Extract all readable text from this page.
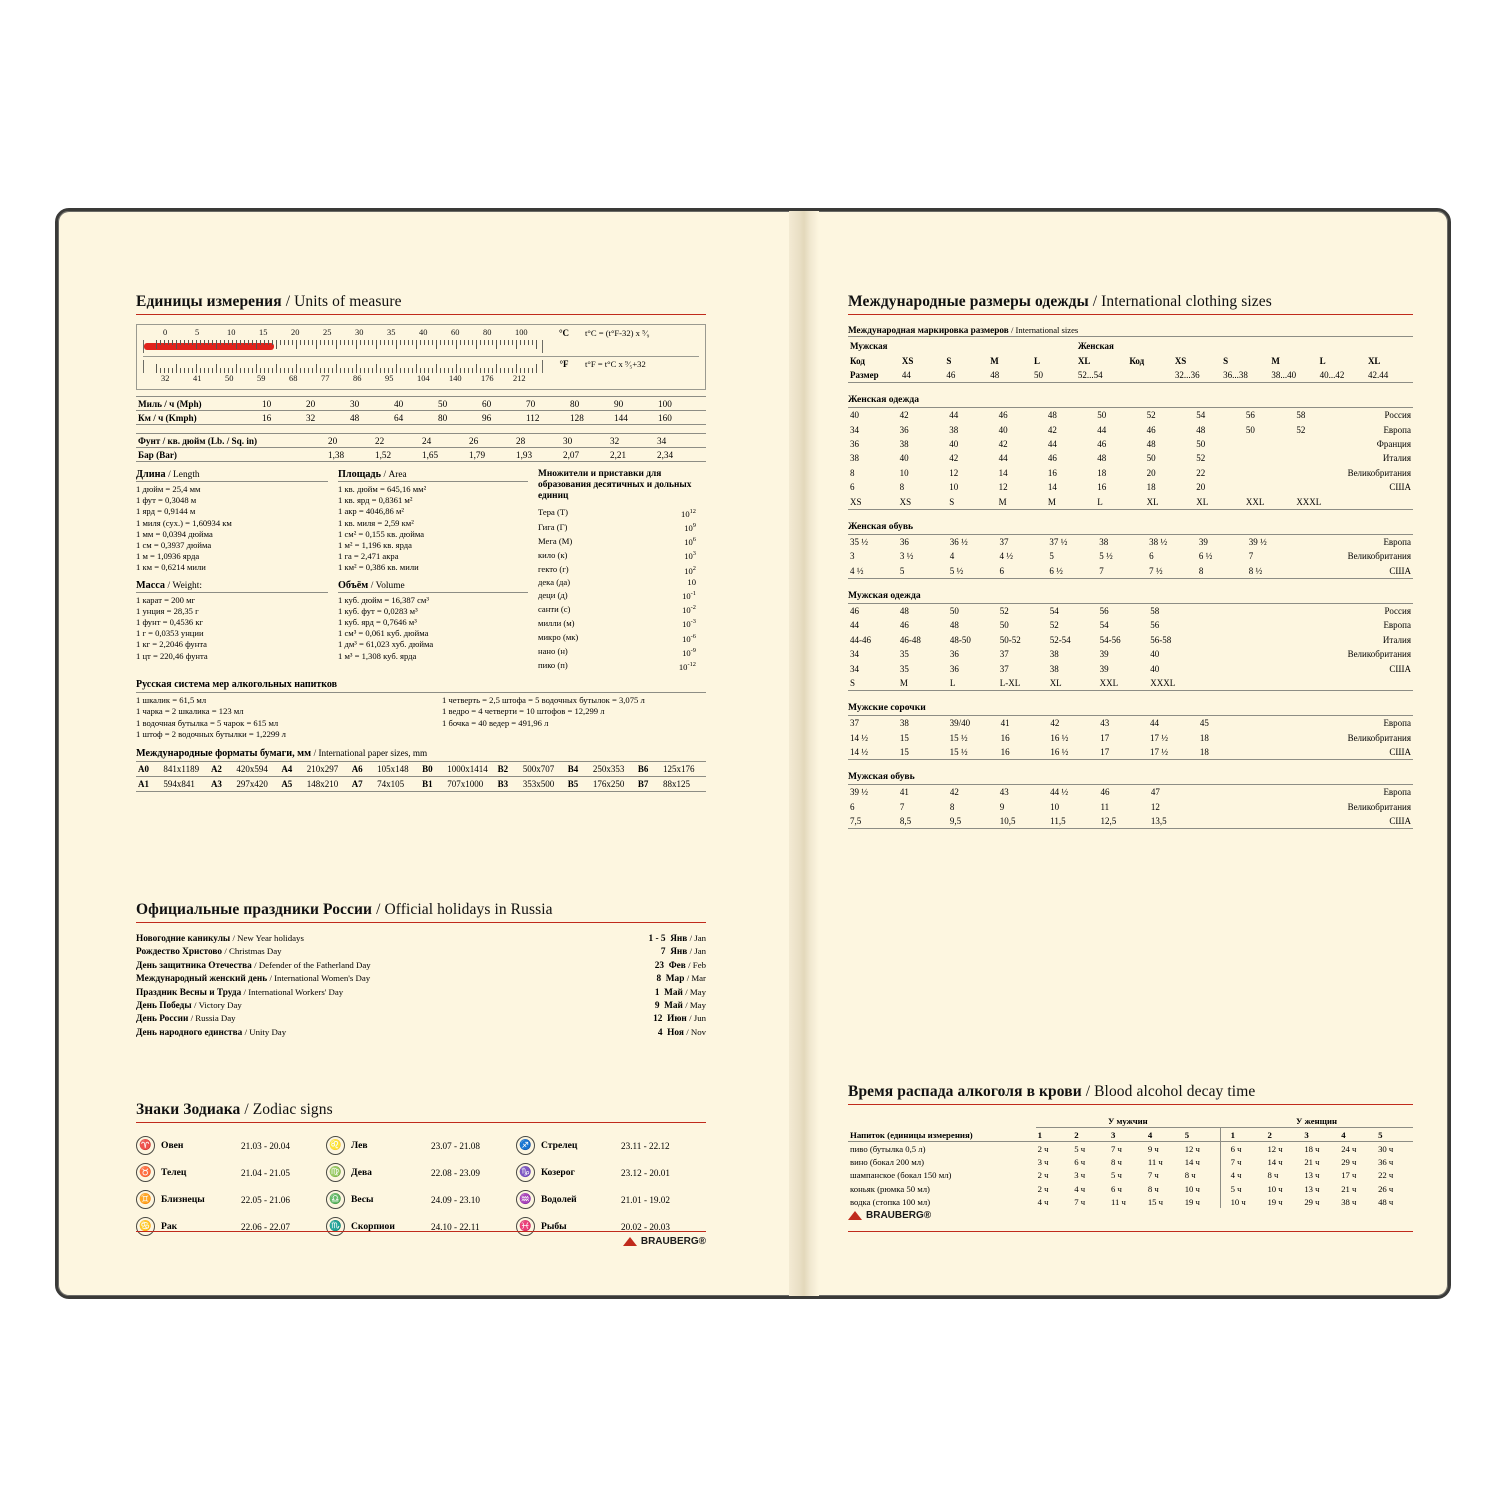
Единицы измерения / Units of measure
0	5	10	15	20	25	30	35	40	60	80	100	°C	t°C = (t°F-32) x ⁵⁄₉
32	41	50	59	68	77	86	95	104 140 176 212
°F	t°F = t°C x ⁹⁄₅+32
Миль / ч (Mph)	10	20	30	40	50	60	70	80	90	100

Км / ч (Kmph)	16	32	48	64	80	96	112	128	144	160
Фунт / кв. дюйм (Lb. / Sq. in)	20	22	24	26	28	30	32	34

Бар (Bar)	1,38	1,52	1,65	1,79	1,93	2,07	2,21	2,34
Длина / Length
1 дюйм = 25,4 мм
1 фут = 0,3048 м
1 ярд = 0,9144 м
1 миля (сух.) = 1,60934 км
1 мм = 0,0394 дюйма
1 см = 0,3937 дюйма
1 м = 1,0936 ярда
1 км = 0,6214 мили
Масса / Weight:
1 карат = 200 мг
1 унция = 28,35 г
1 фунт = 0,4536 кг
1 г = 0,0353 унции
1 кг = 2,2046 фунта
1 цт = 220,46 фунта
Площадь / Area
1 кв. дюйм = 645,16 мм²
1 кв. ярд = 0,8361 м²
1 акр = 4046,86 м²
1 кв. миля = 2,59 км²
1 см² = 0,155 кв. дюйма
1 м² = 1,196 кв. ярда
1 га = 2,471 акра
1 км² = 0,386 кв. мили
Объём / Volume
1 куб. дюйм = 16,387 см³
1 куб. фут = 0,0283 м³
1 куб. ярд = 0,7646 м³
1 см³ = 0,061 куб. дюйма
1 дм³ = 61,023 хуб. дюйма
1 м³ = 1,308 куб. ярда
Множители и приставки для образования десятичных и дольных единиц
Тера (Т)	$10^{12}$
Гига (Г)	$10^9$
Мега (М)	$10^6$
кило (к)	$10^3$
гекто (г)	$10^2$
дека (да)	10
деци (д)	$10^{-1}$
санти (с)	$10^{-2}$
милли (м)	$10^{-3}$
микро (мк)	$10^{-6}$
нано (н)	$10^{-9}$
пико (п)	$10^{-12}$
Русская система мер алкогольных напитков
1 шкалик = 61,5 мл
1 чарка = 2 шкалика = 123 мл
1 водочная бутылка = 5 чарок = 615 мл
1 штоф = 2 водочных бутылки = 1,2299 л
1 четверть = 2,5 штофа = 5 водочных бутылок = 3,075 л
1 ведро = 4 четверти = 10 штофов = 12,299 л
1 бочка = 40 ведер = 491,96 л
Международные форматы бумаги, мм / International paper sizes, mm
A0	841x1189	A2	420x594	A4	210x297	A6	105x148	B0	1000x1414	B2	500x707	B4	250x353	B6	125x176
A1	594x841	A3	297x420	A5	148x210	A7	74x105	B1	707x1000	B3	353x500	B5	176x250	B7	88x125
Официальные праздники России / Official holidays in Russia
Новогодние каникулы / New Year holidays	1 - 5  Янв / Jan
Рождество Христово / Christmas Day	7  Янв / Jan
День защитника Отечества / Defender of the Fatherland Day	23  Фев / Feb
Международный женский день / International Women's Day	8  Мар / Mar
Праздник Весны и Труда / International Workers' Day	1  Май / May
День Победы / Victory Day	9  Май / May
День России / Russia Day	12  Июн / Jun
День народного единства / Unity Day	4  Ноя / Nov
Знаки Зодиака / Zodiac signs
♈ Овен	21.03 - 20.04
♉ Телец	21.04 - 21.05
♊ Близнецы	22.05 - 21.06
♋ Рак	22.06 - 22.07
♌ Лев	23.07 - 21.08
♍ Дева	22.08 - 23.09
♎ Весы	24.09 - 23.10
♏ Скорпиои	24.10 - 22.11
♐ Стрелец	23.11 - 22.12
♑ Козерог	23.12 - 20.01
♒ Водолей	21.01 - 19.02
♓ Рыбы	20.02 - 20.03
BRAUBERG®
Международные размеры одежды / International clothing sizes
Международная маркировка размеров / International sizes
Мужская					Женская						
Код	XS	S	M	L	XL	Код	XS	S	M	L	XL
Размер	44	46	48	50	52...54		32...36	36...38	38...40	40...42	42.44
Женская одежда
40	42	44	46	48	50	52	54	56	58	Россия
34	36	38	40	42	44	46	48	50	52	Европа
36	38	40	42	44	46	48	50			Франция
38	40	42	44	46	48	50	52			Италия
8	10	12	14	16	18	20	22			Великобритания
6	8	10	12	14	16	18	20			США
XS	XS	S	M	M	L	XL	XL	XXL	XXXL	
Женская обувь
35 ½	36	36 ½	37	37 ½	38	38 ½	39	39 ½		Европа
3	3 ½	4	4 ½	5	5 ½	6	6 ½	7		Великобритания
4 ½	5	5 ½	6	6 ½	7	7 ½	8	8 ½		США
Мужская одежда
46	48	50	52	54	56	58				Россия
44	46	48	50	52	54	56				Европа
44-46	46-48	48-50	50-52	52-54	54-56	56-58				Италия
34	35	36	37	38	39	40				Великобритания
34	35	36	37	38	39	40				США
S	M	L	L-XL	XL	XXL	XXXL				
Мужские сорочки
37	38	39/40	41	42	43	44	45			Европа
14 ½	15	15 ½	16	16 ½	17	17 ½	18			Великобритания
14 ½	15	15 ½	16	16 ½	17	17 ½	18			США
Мужская обувь
39 ½	41	42	43	44 ½	46	47				Европа
6	7	8	9	10	11	12				Великобритания
7,5	8,5	9,5	10,5	11,5	12,5	13,5				США
Время распада алкоголя в крови / Blood alcohol decay time
	У мужчин					У женщин				
Напиток (единицы измерения)	1	2	3	4	5	1	2	3	4	5
пиво (бутылка 0,5 л)	2 ч	5 ч	7 ч	9 ч	12 ч	6 ч	12 ч	18 ч	24 ч	30 ч
вино (бокал 200 мл)	3 ч	6 ч	8 ч	11 ч	14 ч	7 ч	14 ч	21 ч	29 ч	36 ч
шампанское (бокал 150 мл)	2 ч	3 ч	5 ч	7 ч	8 ч	4 ч	8 ч	13 ч	17 ч	22 ч
коньяк (рюмка 50 мл)	2 ч	4 ч	6 ч	8 ч	10 ч	5 ч	10 ч	13 ч	21 ч	26 ч
водка (стопка 100 мл)	4 ч	7 ч	11 ч	15 ч	19 ч	10 ч	19 ч	29 ч	38 ч	48 ч
BRAUBERG®
